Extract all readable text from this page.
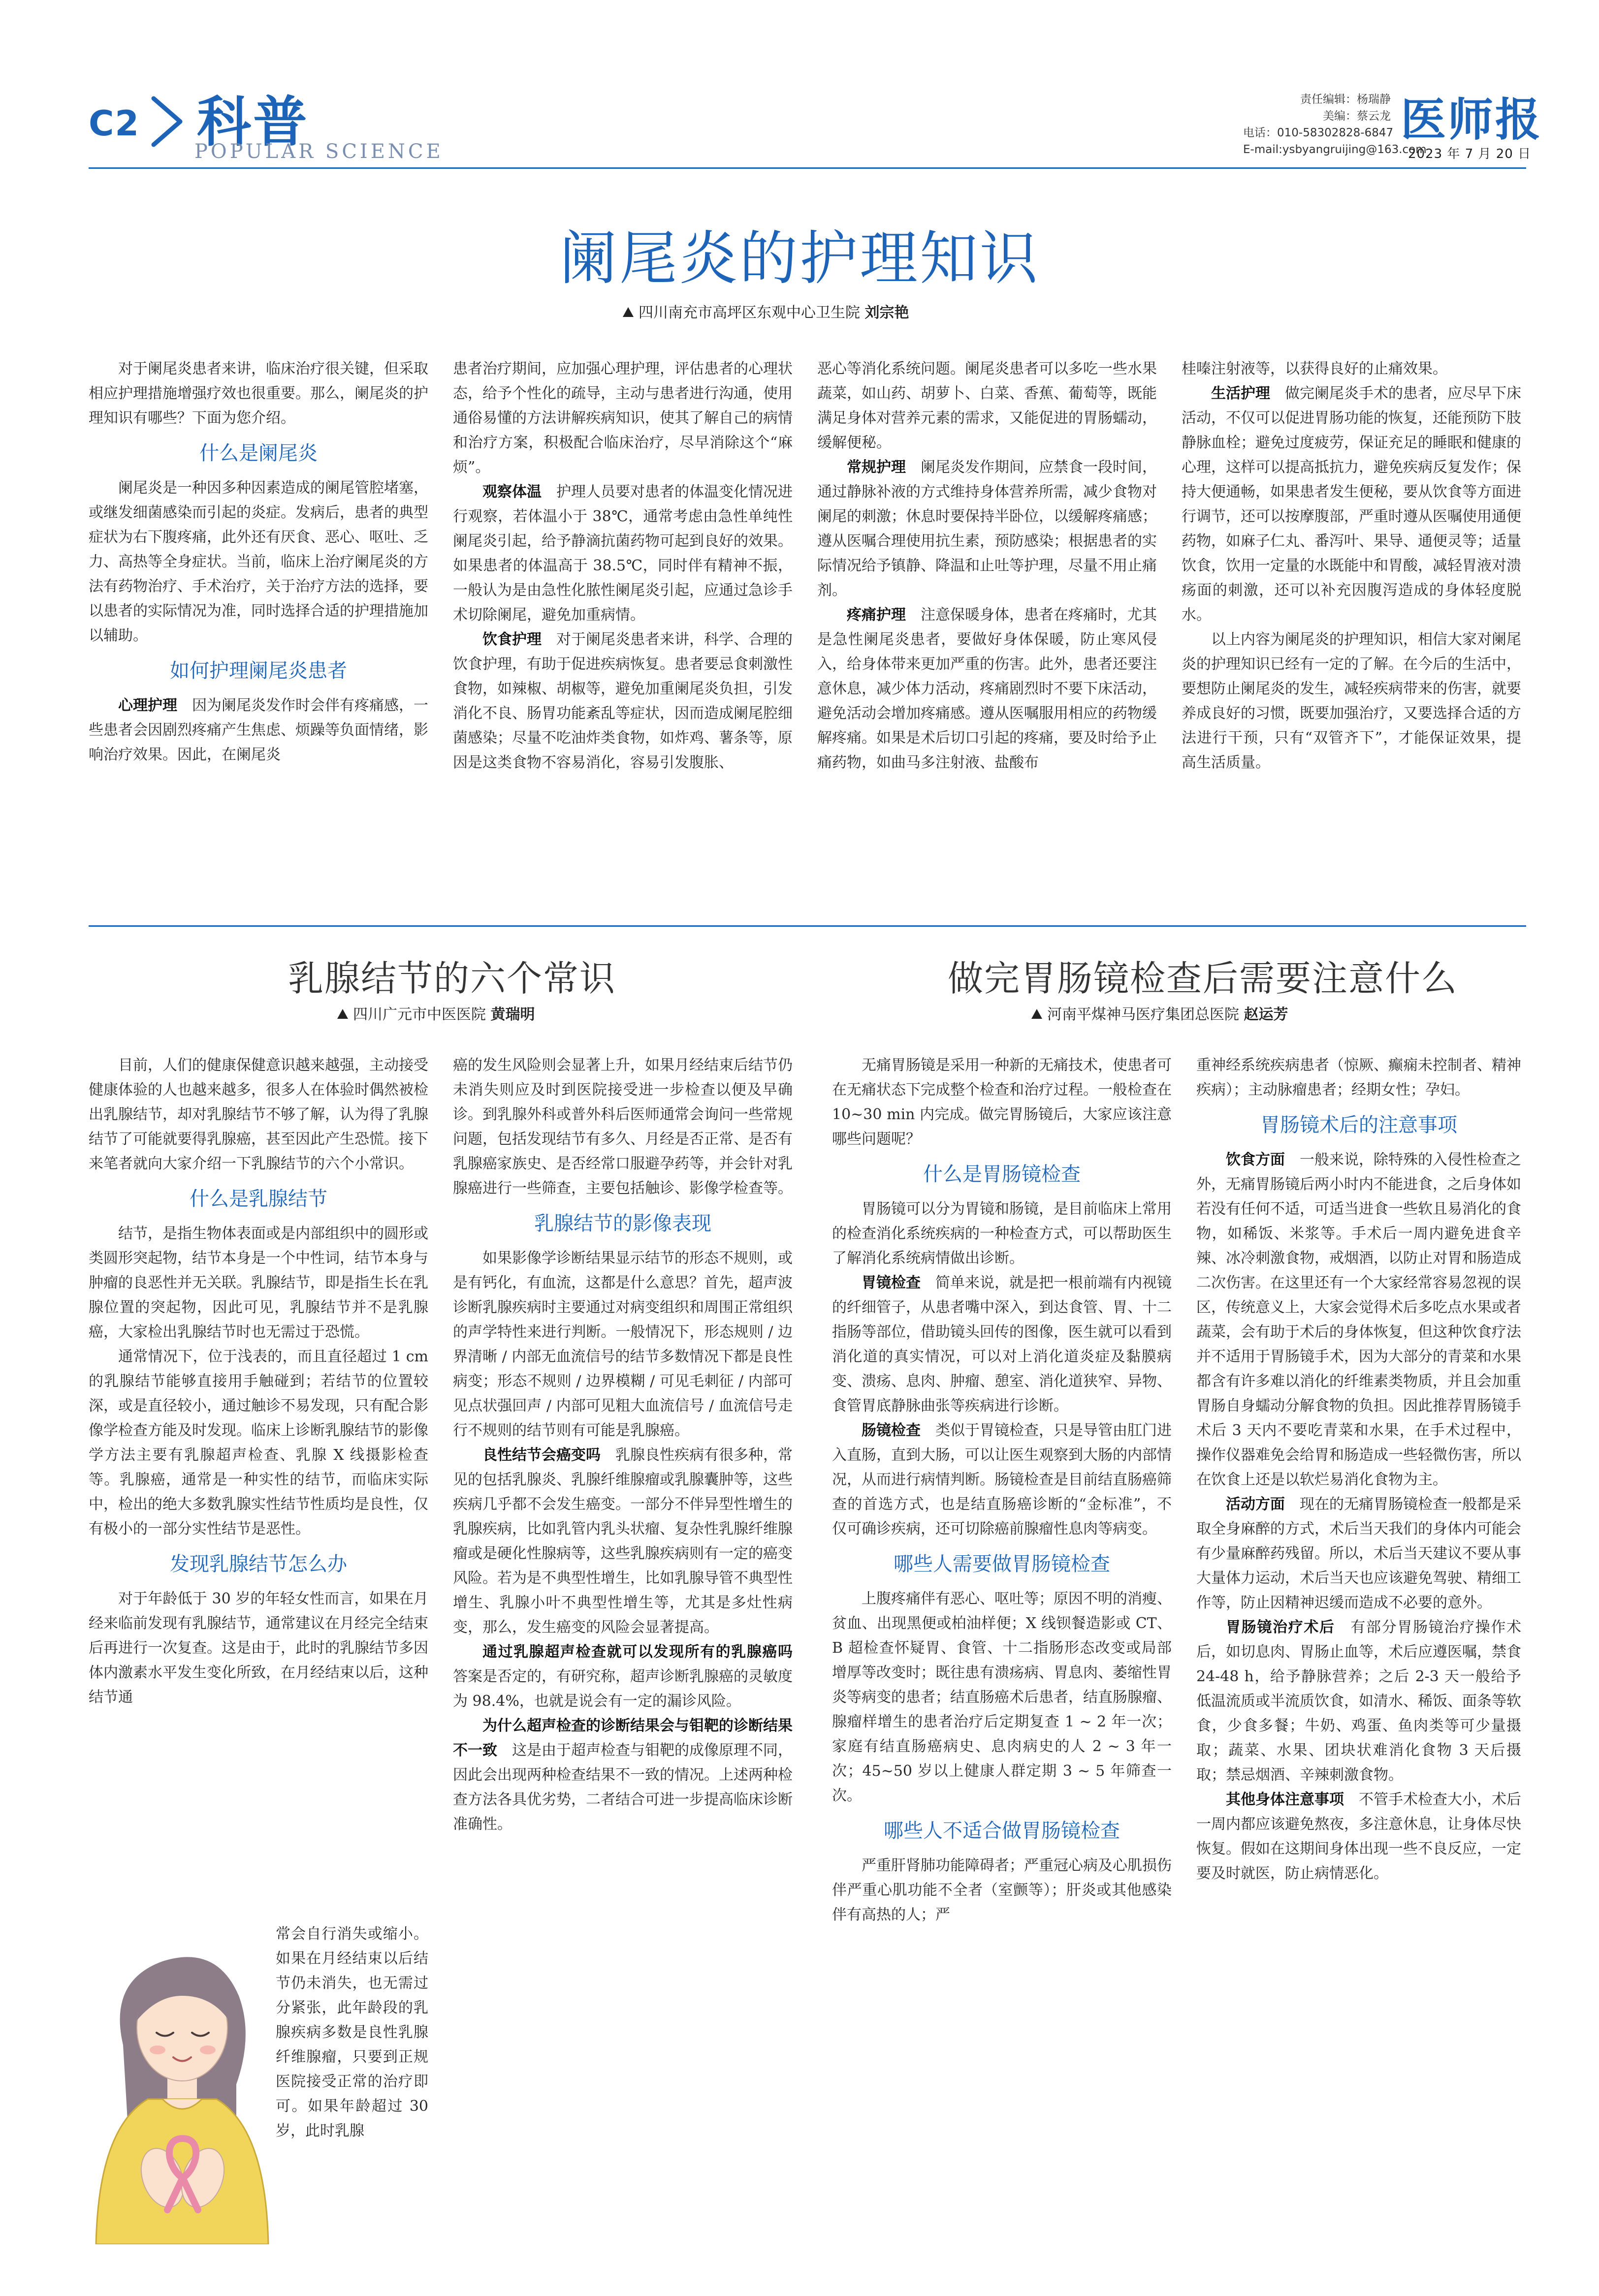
C2 科普
POPULAR SCIENCE
责任编辑：杨瑞静
美编：蔡云龙
电话：010-58302828-6847
E-mail:ysbyangruijing@163.com
医师报
2023 年 7 月 20 日
阑尾炎的护理知识
四川南充市高坪区东观中心卫生院 刘宗艳

对于阑尾炎患者来讲，临床治疗很关键，但采取相应护理措施增强疗效也很重要。那么，阑尾炎的护理知识有哪些？下面为您介绍。

什么是阑尾炎

阑尾炎是一种因多种因素造成的阑尾管腔堵塞，或继发细菌感染而引起的炎症。发病后，患者的典型症状为右下腹疼痛，此外还有厌食、恶心、呕吐、乏力、高热等全身症状。当前，临床上治疗阑尾炎的方法有药物治疗、手术治疗，关于治疗方法的选择，要以患者的实际情况为准，同时选择合适的护理措施加以辅助。

如何护理阑尾炎患者

心理护理　 因为阑尾炎发作时会伴有疼痛感，一些患者会因剧烈疼痛产生焦虑、烦躁等负面情绪，影响治疗效果。因此，在阑尾炎

患者治疗期间，应加强心理护理，评估患者的心理状态，给予个性化的疏导，主动与患者进行沟通，使用通俗易懂的方法讲解疾病知识，使其了解自己的病情和治疗方案，积极配合临床治疗，尽早消除这个“麻烦”。

观察体温　 护理人员要对患者的体温变化情况进行观察，若体温小于 38℃，通常考虑由急性单纯性阑尾炎引起，给予静滴抗菌药物可起到良好的效果。如果患者的体温高于 38.5℃，同时伴有精神不振，一般认为是由急性化脓性阑尾炎引起，应通过急诊手术切除阑尾，避免加重病情。

饮食护理　 对于阑尾炎患者来讲，科学、合理的饮食护理，有助于促进疾病恢复。患者要忌食刺激性食物，如辣椒、胡椒等，避免加重阑尾炎负担，引发消化不良、肠胃功能紊乱等症状，因而造成阑尾腔细菌感染；尽量不吃油炸类食物，如炸鸡、薯条等，原因是这类食物不容易消化，容易引发腹胀、

恶心等消化系统问题。阑尾炎患者可以多吃一些水果蔬菜，如山药、胡萝卜、白菜、香蕉、葡萄等，既能满足身体对营养元素的需求，又能促进的胃肠蠕动，缓解便秘。

常规护理　 阑尾炎发作期间，应禁食一段时间，通过静脉补液的方式维持身体营养所需，减少食物对阑尾的刺激；休息时要保持半卧位，以缓解疼痛感；遵从医嘱合理使用抗生素，预防感染；根据患者的实际情况给予镇静、降温和止吐等护理，尽量不用止痛剂。

疼痛护理　 注意保暖身体，患者在疼痛时，尤其是急性阑尾炎患者，要做好身体保暖，防止寒风侵入，给身体带来更加严重的伤害。此外，患者还要注意休息，减少体力活动，疼痛剧烈时不要下床活动，避免活动会增加疼痛感。遵从医嘱服用相应的药物缓解疼痛。如果是术后切口引起的疼痛，要及时给予止痛药物，如曲马多注射液、盐酸布

桂嗪注射液等，以获得良好的止痛效果。

生活护理　 做完阑尾炎手术的患者，应尽早下床活动，不仅可以促进胃肠功能的恢复，还能预防下肢静脉血栓；避免过度疲劳，保证充足的睡眠和健康的心理，这样可以提高抵抗力，避免疾病反复发作；保持大便通畅，如果患者发生便秘，要从饮食等方面进行调节，还可以按摩腹部，严重时遵从医嘱使用通便药物，如麻子仁丸、番泻叶、果导、通便灵等；适量饮食，饮用一定量的水既能中和胃酸，减轻胃液对溃疡面的刺激，还可以补充因腹泻造成的身体轻度脱水。

以上内容为阑尾炎的护理知识，相信大家对阑尾炎的护理知识已经有一定的了解。在今后的生活中，要想防止阑尾炎的发生，减轻疾病带来的伤害，就要养成良好的习惯，既要加强治疗，又要选择合适的方法进行干预，只有“双管齐下”，才能保证效果，提高生活质量。

乳腺结节的六个常识
四川广元市中医医院 黄瑞明

目前，人们的健康保健意识越来越强，主动接受健康体验的人也越来越多，很多人在体验时偶然被检出乳腺结节，却对乳腺结节不够了解，认为得了乳腺结节了可能就要得乳腺癌，甚至因此产生恐慌。接下来笔者就向大家介绍一下乳腺结节的六个小常识。

什么是乳腺结节

结节，是指生物体表面或是内部组织中的圆形或类圆形突起物，结节本身是一个中性词，结节本身与肿瘤的良恶性并无关联。乳腺结节，即是指生长在乳腺位置的突起物，因此可见，乳腺结节并不是乳腺癌，大家检出乳腺结节时也无需过于恐慌。

通常情况下，位于浅表的，而且直径超过 1 cm 的乳腺结节能够直接用手触碰到；若结节的位置较深，或是直径较小，通过触诊不易发现，只有配合影像学检查方能及时发现。临床上诊断乳腺结节的影像学方法主要有乳腺超声检查、乳腺 X 线摄影检查等。乳腺癌，通常是一种实性的结节，而临床实际中，检出的绝大多数乳腺实性结节性质均是良性，仅有极小的一部分实性结节是恶性。

发现乳腺结节怎么办

对于年龄低于 30 岁的年轻女性而言，如果在月经来临前发现有乳腺结节，通常建议在月经完全结束后再进行一次复查。这是由于，此时的乳腺结节多因体内激素水平发生变化所致，在月经结束以后，这种结节通

常会自行消失或缩小。如果在月经结束以后结节仍未消失，也无需过分紧张，此年龄段的乳腺疾病多数是良性乳腺纤维腺瘤，只要到正规医院接受正常的治疗即可。如果年龄超过 30 岁，此时乳腺

癌的发生风险则会显著上升，如果月经结束后结节仍未消失则应及时到医院接受进一步检查以便及早确诊。到乳腺外科或普外科后医师通常会询问一些常规问题，包括发现结节有多久、月经是否正常、是否有乳腺癌家族史、是否经常口服避孕药等，并会针对乳腺癌进行一些筛查，主要包括触诊、影像学检查等。

乳腺结节的影像表现

如果影像学诊断结果显示结节的形态不规则，或是有钙化，有血流，这都是什么意思？首先，超声波诊断乳腺疾病时主要通过对病变组织和周围正常组织的声学特性来进行判断。一般情况下，形态规则 / 边界清晰 / 内部无血流信号的结节多数情况下都是良性病变；形态不规则 / 边界模糊 / 可见毛刺征 / 内部可见点状强回声 / 内部可见粗大血流信号 / 血流信号走行不规则的结节则有可能是乳腺癌。

良性结节会癌变吗　 乳腺良性疾病有很多种，常见的包括乳腺炎、乳腺纤维腺瘤或乳腺囊肿等，这些疾病几乎都不会发生癌变。一部分不伴异型性增生的乳腺疾病，比如乳管内乳头状瘤、复杂性乳腺纤维腺瘤或是硬化性腺病等，这些乳腺疾病则有一定的癌变风险。若为是不典型性增生，比如乳腺导管不典型性增生、乳腺小叶不典型性增生等，尤其是多灶性病变，那么，发生癌变的风险会显著提高。

通过乳腺超声检查就可以发现所有的乳腺癌吗　答案是否定的，有研究称，超声诊断乳腺癌的灵敏度为 98.4%，也就是说会有一定的漏诊风险。

为什么超声检查的诊断结果会与钼靶的诊断结果不一致　 这是由于超声检查与钼靶的成像原理不同，因此会出现两种检查结果不一致的情况。上述两种检查方法各具优劣势，二者结合可进一步提高临床诊断准确性。

做完胃肠镜检查后需要注意什么
河南平煤神马医疗集团总医院 赵运芳

无痛胃肠镜是采用一种新的无痛技术，使患者可在无痛状态下完成整个检查和治疗过程。一般检查在 10~30 min 内完成。做完胃肠镜后，大家应该注意哪些问题呢？

什么是胃肠镜检查

胃肠镜可以分为胃镜和肠镜，是目前临床上常用的检查消化系统疾病的一种检查方式，可以帮助医生了解消化系统病情做出诊断。

胃镜检查　 简单来说，就是把一根前端有内视镜的纤细管子，从患者嘴中深入，到达食管、胃、十二指肠等部位，借助镜头回传的图像，医生就可以看到消化道的真实情况，可以对上消化道炎症及黏膜病变、溃疡、息肉、肿瘤、憩室、消化道狭窄、异物、食管胃底静脉曲张等疾病进行诊断。

肠镜检查　 类似于胃镜检查，只是导管由肛门进入直肠，直到大肠，可以让医生观察到大肠的内部情况，从而进行病情判断。肠镜检查是目前结直肠癌筛查的首选方式，也是结直肠癌诊断的“金标准”，不仅可确诊疾病，还可切除癌前腺瘤性息肉等病变。

哪些人需要做胃肠镜检查

上腹疼痛伴有恶心、呕吐等；原因不明的消瘦、贫血、出现黑便或柏油样便；X 线钡餐造影或 CT、B 超检查怀疑胃、食管、十二指肠形态改变或局部增厚等改变时；既往患有溃疡病、胃息肉、萎缩性胃炎等病变的患者；结直肠癌术后患者，结直肠腺瘤、腺瘤样增生的患者治疗后定期复查 1 ~ 2 年一次；家庭有结直肠癌病史、息肉病史的人 2 ~ 3 年一次；45~50 岁以上健康人群定期 3 ~ 5 年筛查一次。

哪些人不适合做胃肠镜检查

严重肝肾肺功能障碍者；严重冠心病及心肌损伤伴严重心肌功能不全者（室颤等）；肝炎或其他感染伴有高热的人；严

重神经系统疾病患者（惊厥、癫痫未控制者、精神疾病）；主动脉瘤患者；经期女性；孕妇。

胃肠镜术后的注意事项

饮食方面　 一般来说，除特殊的入侵性检查之外，无痛胃肠镜后两小时内不能进食，之后身体如若没有任何不适，可适当进食一些软且易消化的食物，如稀饭、米浆等。手术后一周内避免进食辛辣、冰冷刺激食物，戒烟酒，以防止对胃和肠造成二次伤害。在这里还有一个大家经常容易忽视的误区，传统意义上，大家会觉得术后多吃点水果或者蔬菜，会有助于术后的身体恢复，但这种饮食疗法并不适用于胃肠镜手术，因为大部分的青菜和水果都含有许多难以消化的纤维素类物质，并且会加重胃肠自身蠕动分解食物的负担。因此推荐胃肠镜手术后 3 天内不要吃青菜和水果，在手术过程中，操作仪器难免会给胃和肠造成一些轻微伤害，所以在饮食上还是以软烂易消化食物为主。

活动方面　 现在的无痛胃肠镜检查一般都是采取全身麻醉的方式，术后当天我们的身体内可能会有少量麻醉药残留。所以，术后当天建议不要从事大量体力运动，术后当天也应该避免驾驶、精细工作等，防止因精神迟缓而造成不必要的意外。

胃肠镜治疗术后　 有部分胃肠镜治疗操作术后，如切息肉、胃肠止血等，术后应遵医嘱，禁食 24-48 h，给予静脉营养；之后 2-3 天一般给予低温流质或半流质饮食，如清水、稀饭、面条等软食，少食多餐；牛奶、鸡蛋、鱼肉类等可少量摄取；蔬菜、水果、团块状难消化食物 3 天后摄取；禁忌烟酒、辛辣刺激食物。

其他身体注意事项　 不管手术检查大小，术后一周内都应该避免熬夜，多注意休息，让身体尽快恢复。假如在这期间身体出现一些不良反应，一定要及时就医，防止病情恶化。
